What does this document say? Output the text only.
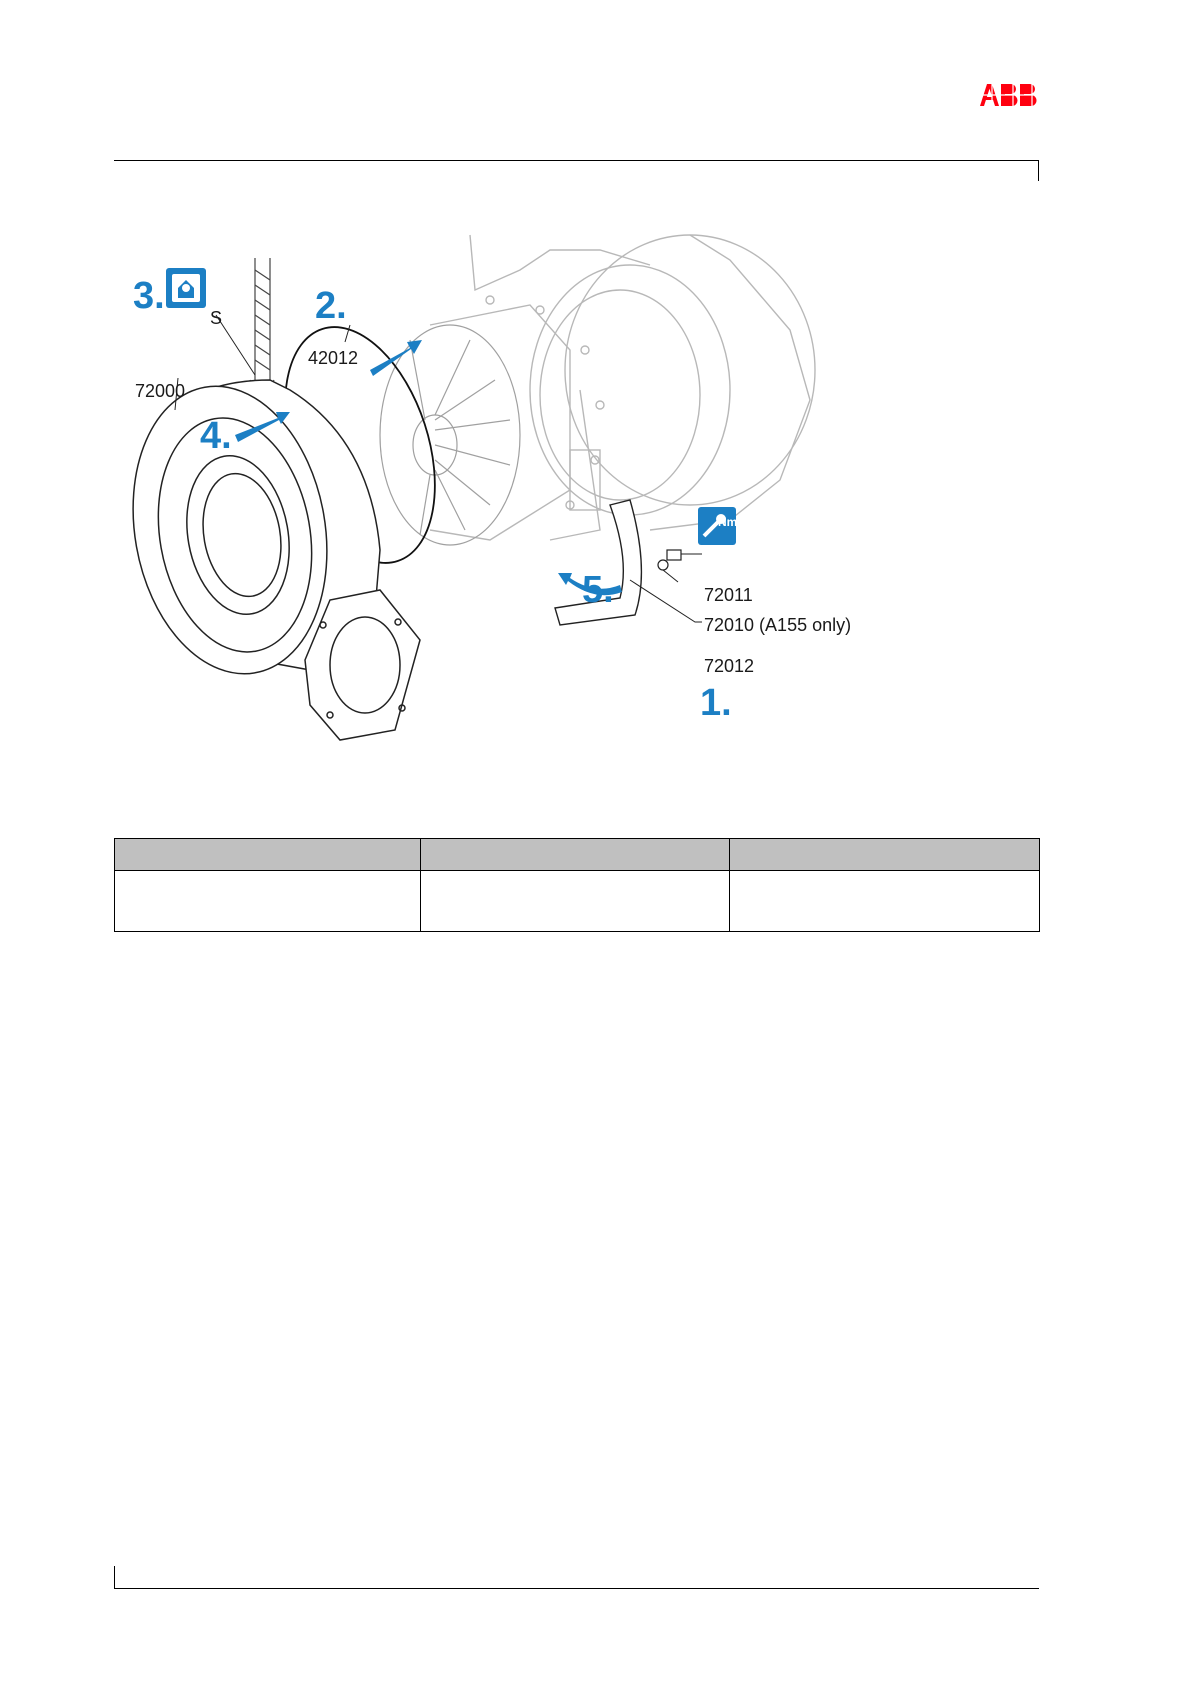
Nm
3.	2.
4.
5.
1.
S
42012
72000
72011
72010 (A155 only)
72012
